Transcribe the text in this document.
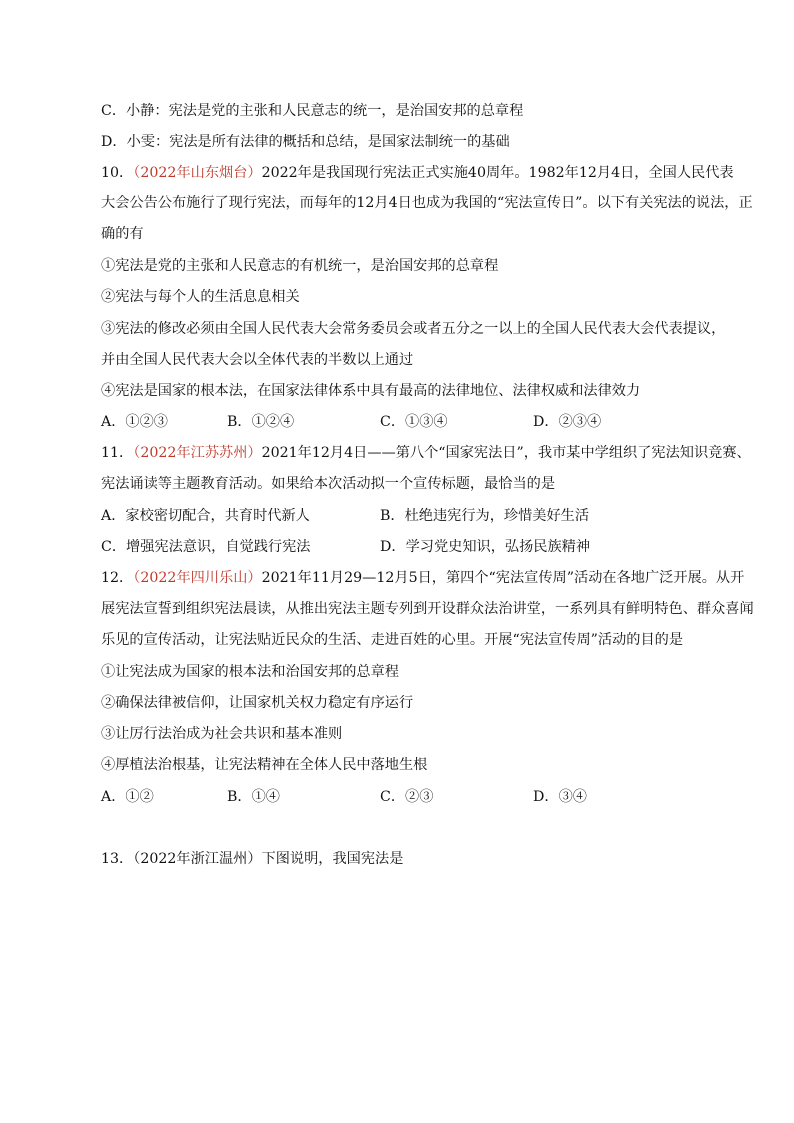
C．小静：宪法是党的主张和人民意志的统一，是治国安邦的总章程
D．小雯：宪法是所有法律的概括和总结，是国家法制统一的基础
10．（2022年山东烟台）2022年是我国现行宪法正式实施40周年。1982年12月4日，全国人民代表
大会公告公布施行了现行宪法，而每年的12月4日也成为我国的“宪法宣传日”。以下有关宪法的说法，正
确的有
①宪法是党的主张和人民意志的有机统一，是治国安邦的总章程
②宪法与每个人的生活息息相关
③宪法的修改必须由全国人民代表大会常务委员会或者五分之一以上的全国人民代表大会代表提议，
并由全国人民代表大会以全体代表的半数以上通过
④宪法是国家的根本法，在国家法律体系中具有最高的法律地位、法律权威和法律效力
A．①②③	B．①②④	C．①③④	D．②③④
11．（2022年江苏苏州）2021年12月4日——第八个“国家宪法日”，我市某中学组织了宪法知识竞赛、
宪法诵读等主题教育活动。如果给本次活动拟一个宣传标题，最恰当的是
A．家校密切配合，共育时代新人	B．杜绝违宪行为，珍惜美好生活
C．增强宪法意识，自觉践行宪法	D．学习党史知识，弘扬民族精神
12．（2022年四川乐山）2021年11月29—12月5日，第四个“宪法宣传周”活动在各地广泛开展。从开
展宪法宣誓到组织宪法晨读，从推出宪法主题专列到开设群众法治讲堂，一系列具有鲜明特色、群众喜闻
乐见的宣传活动，让宪法贴近民众的生活、走进百姓的心里。开展“宪法宣传周”活动的目的是
①让宪法成为国家的根本法和治国安邦的总章程
②确保法律被信仰，让国家机关权力稳定有序运行
③让厉行法治成为社会共识和基本准则
④厚植法治根基，让宪法精神在全体人民中落地生根
A．①②	B．①④	C．②③	D．③④
13．（2022年浙江温州）下图说明，我国宪法是
